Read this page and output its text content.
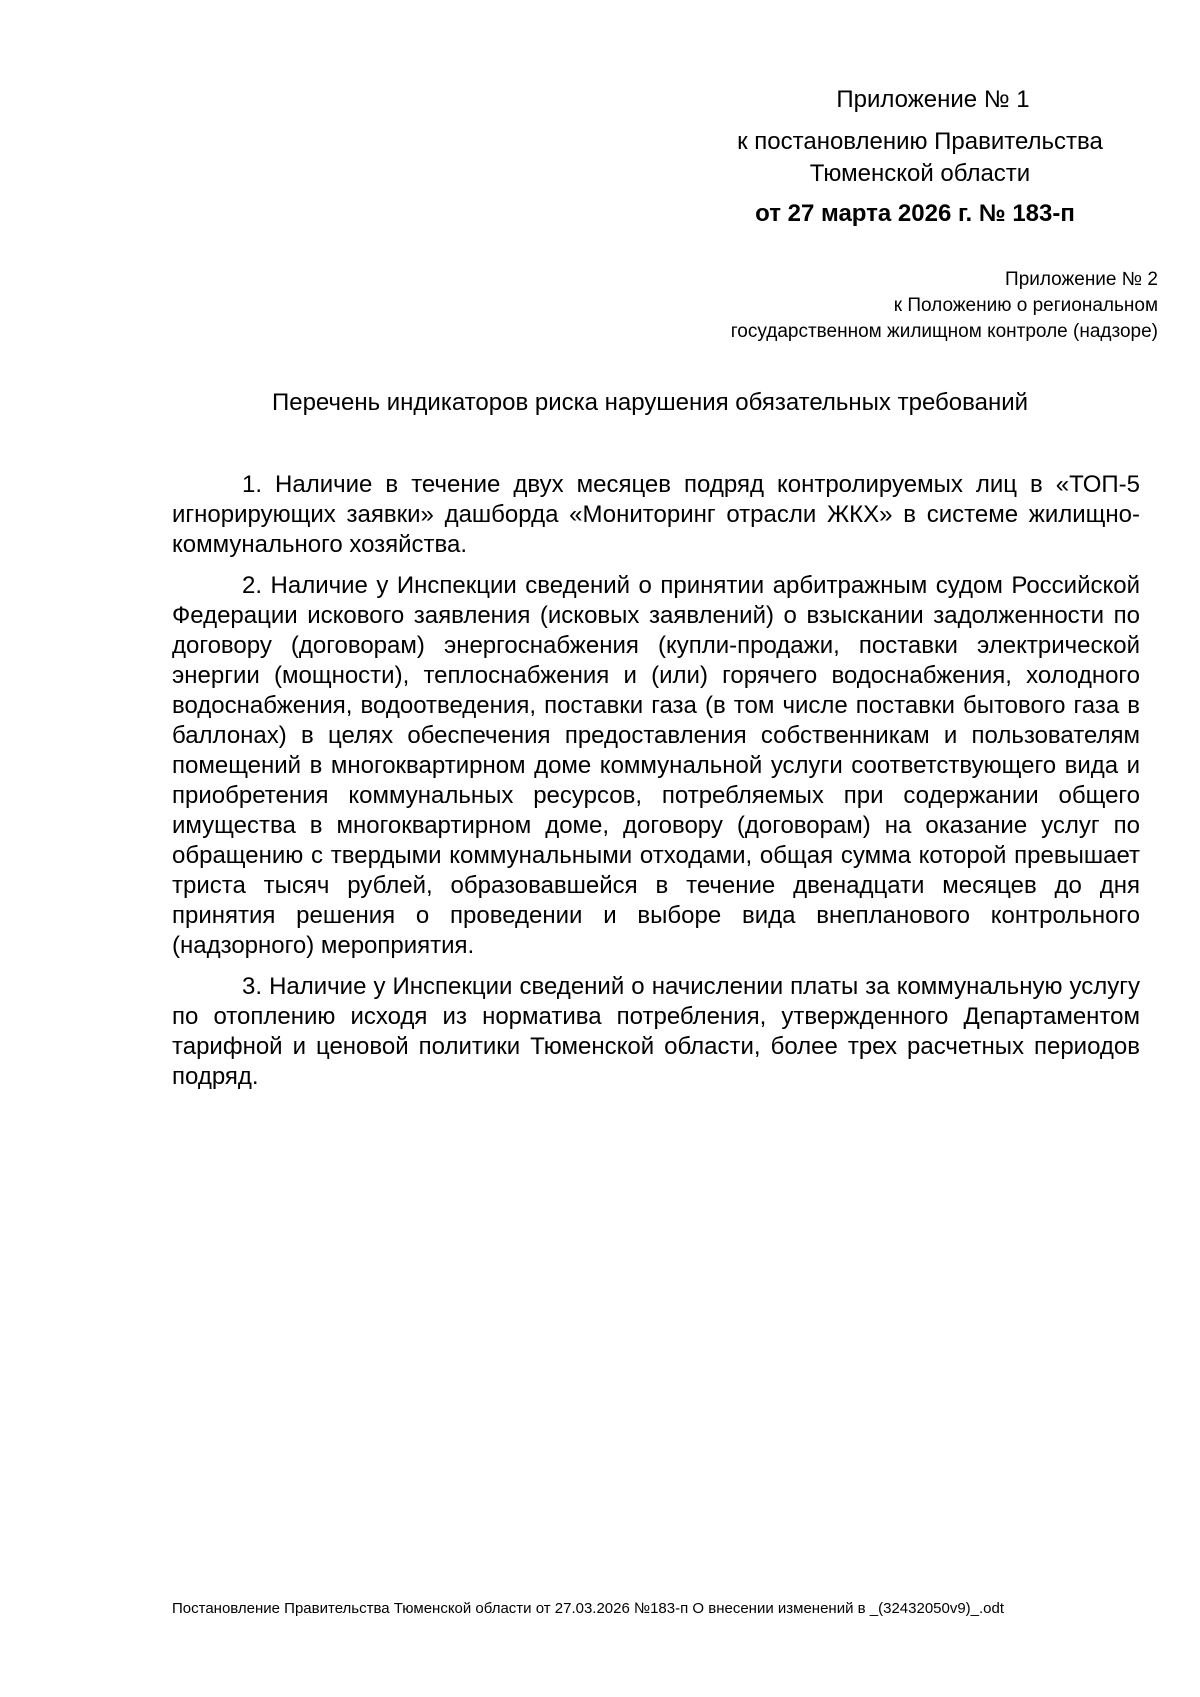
Приложение № 1

к постановлению Правительства

Тюменской области

от 27 марта 2026 г. № 183-п

Приложение № 2

к Положению о региональном

государственном жилищном контроле (надзоре)

Перечень индикаторов риска нарушения обязательных требований

1. Наличие в течение двух месяцев подряд контролируемых лиц в «ТОП-5 игнорирующих заявки» дашборда «Мониторинг отрасли ЖКХ» в системе жилищно-коммунального хозяйства.

2. Наличие у Инспекции сведений о принятии арбитражным судом Российской Федерации искового заявления (исковых заявлений) о взыскании задолженности по договору (договорам) энергоснабжения (купли-продажи, поставки электрической энергии (мощности), теплоснабжения и (или) горячего водоснабжения, холодного водоснабжения, водоотведения, поставки газа (в том числе поставки бытового газа в баллонах) в целях обеспечения предоставления собственникам и пользователям помещений в многоквартирном доме коммунальной услуги соответствующего вида и приобретения коммунальных ресурсов, потребляемых при содержании общего имущества в многоквартирном доме, договору (договорам) на оказание услуг по обращению с твердыми коммунальными отходами, общая сумма которой превышает триста тысяч рублей, образовавшейся в течение двенадцати месяцев до дня принятия решения о проведении и выборе вида внепланового контрольного (надзорного) мероприятия.

3. Наличие у Инспекции сведений о начислении платы за коммунальную услугу по отоплению исходя из норматива потребления, утвержденного Департаментом тарифной и ценовой политики Тюменской области, более трех расчетных периодов подряд.

Постановление Правительства Тюменской области от 27.03.2026 №183-п О внесении изменений в _(32432050v9)_.odt
